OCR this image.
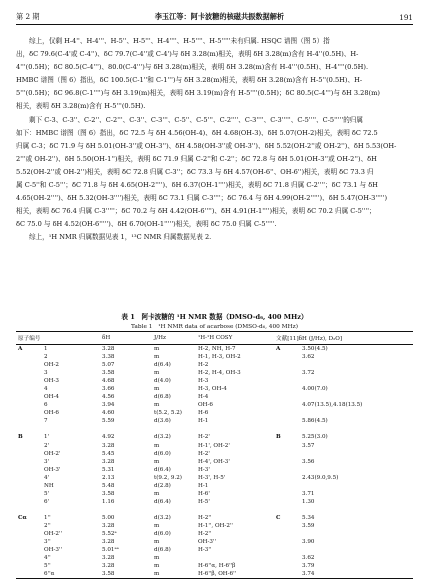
第 2 期	李玉江等：阿卡波糖的核磁共振数据解析	191

综上，仅剩 H-4''、H-4'''、H-5''、H-5'''、H-4''''、H-5''''、H-5'''''未有归属. HSQC 谱图（图 5）指

出，δC 79.6(C-4'或 C-4'')、δC 79.7(C-4''或 C-4')与 δH 3.28(m)相关，表明 δH 3.28(m)含有 H-4''(0.5H)、H-

4'''(0.5H)；δC 80.5(C-4''')、80.0(C-4''')与 δH 3.28(m)相关，表明 δH 3.28(m)含有 H-4'''(0.5H)、H-4''''(0.5H).

HMBC 谱图（图 6）指出，δC 100.5(C-1''和 C-1''')与 δH 3.28(m)相关，表明 δH 3.28(m)含有 H-5''(0.5H)、H-

5'''(0.5H)；δC 96.8(C-1'''')与 δH 3.19(m)相关，表明 δH 3.19(m)含有 H-5''''(0.5H)；δC 80.5(C-4''')与 δH 3.28(m)

相关，表明 δH 3.28(m)含有 H-5'''(0.5H).

剩下 C-3、C-3''、C-2''、C-2'''、C-3''、C-3'''、C-5''、C-5'''、C-2''''、C-3''''、C-3'''''、C-5''''、C-5'''''的归属

如下：HMBC 谱图（图 6）指出，δC 72.5 与 δH 4.56(OH-4)、δH 4.68(OH-3)、δH 5.07(OH-2)相关，表明 δC 72.5

归属 C-3；δC 71.9 与 δH 5.01(OH-3''或 OH-3'')、δH 4.58(OH-3''或 OH-3'')、δH 5.52(OH-2''或 OH-2'')、δH 5.53(OH-

2'''或 OH-2'')、δH 5.50(OH-1'')相关，表明 δC 71.9 归属 C-2''和 C-2''；δC 72.8 与 δH 5.01(OH-3''或 OH-2'')、δH

5.52(OH-2''或 OH-2'')相关，表明 δC 72.8 归属 C-3''；δC 73.3 与 δH 4.57(OH-6''、OH-6'')相关，表明 δC 73.3 归

属 C-5''和 C-5'''；δC 71.8 与 δH 4.65(OH-2'''')、δH 6.37(OH-1'''')相关，表明 δC 71.8 归属 C-2''''；δC 73.1 与 δH

4.65(OH-2'''')、δH 5.32(OH-3'''')相关，表明 δC 73.1 归属 C-3''''；δC 76.4 与 δH 4.99(OH-2''''')、δH 5.47(OH-3''''')

相关，表明 δC 76.4 归属 C-3'''''；δC 70.2 与 δH 4.42(OH-6'''')、δH 4.91(H-1'''')相关，表明 δC 70.2 归属 C-5''''；

δC 75.0 与 δH 4.52(OH-6''''')、δH 6.70(OH-1''''')相关，表明 δC 75.0 归属 C-5'''''.

综上，¹H NMR 归属数据见表 1，¹³C NMR 归属数据见表 2.

表 1　阿卡波糖的 ¹H NMR 数据（DMSO-d₆, 400 MHz）
Table 1　¹H NMR data of acarbose (DMSO-d₆, 400 MHz)
原子编号		δH	J/Hz	¹H-¹H COSY	文献[11]δH (J/Hz), D₂O]	
A	1	3.28	m	H-2, NH, H-7	A	3.50(4.5)
	2	3.38	m	H-1, H-3, OH-2		3.62
	OH-2	5.07	d(6.4)	H-2		
	3	3.58	m	H-2, H-4, OH-3		3.72
	OH-3	4.68	d(4.0)	H-3		
	4	3.66	m	H-3, OH-4		4.00(7.0)
	OH-4	4.56	d(6.8)	H-4		
	6	3.94	m	OH-6		4.07(13.5),4.18(13.5)
	OH-6	4.60	t(5.2, 5.2)	H-6		
	7	5.59	d(3.6)	H-1		5.86(4.5)

B	1'	4.92	d(3.2)	H-2'	B	5.25(3.0)
	2'	3.28	m	H-1', OH-2'		3.57
	OH-2'	5.45	d(6.0)	H-2'		
	3'	3.28	m	H-4', OH-3'		3.56
	OH-3'	5.31	d(6.4)	H-3'		
	4'	2.13	t(9.2, 9.2)	H-3', H-5'		2.43(9.0,9.5)
	NH	5.48	d(2.8)	H-1		
	5'	3.58	m	H-6'		3.71
	6'	1.16	d(6.4)	H-5'		1.30

Cα	1''	5.00	d(3.2)	H-2''	C	5.34
	2''	3.28	m	H-1'', OH-2''		3.59
	OH-2''	5.52ᵃ	d(6.0)	H-2''		
	3''	3.28	m	OH-3''		3.90
	OH-3''	5.01ᵃᵃ	d(6.8)	H-3''		
	4''	3.28	m			3.62
	5''	3.28	m	H-6''α, H-6''β		3.79
	6''α	3.58	m	H-6''β, OH-6''		3.74
